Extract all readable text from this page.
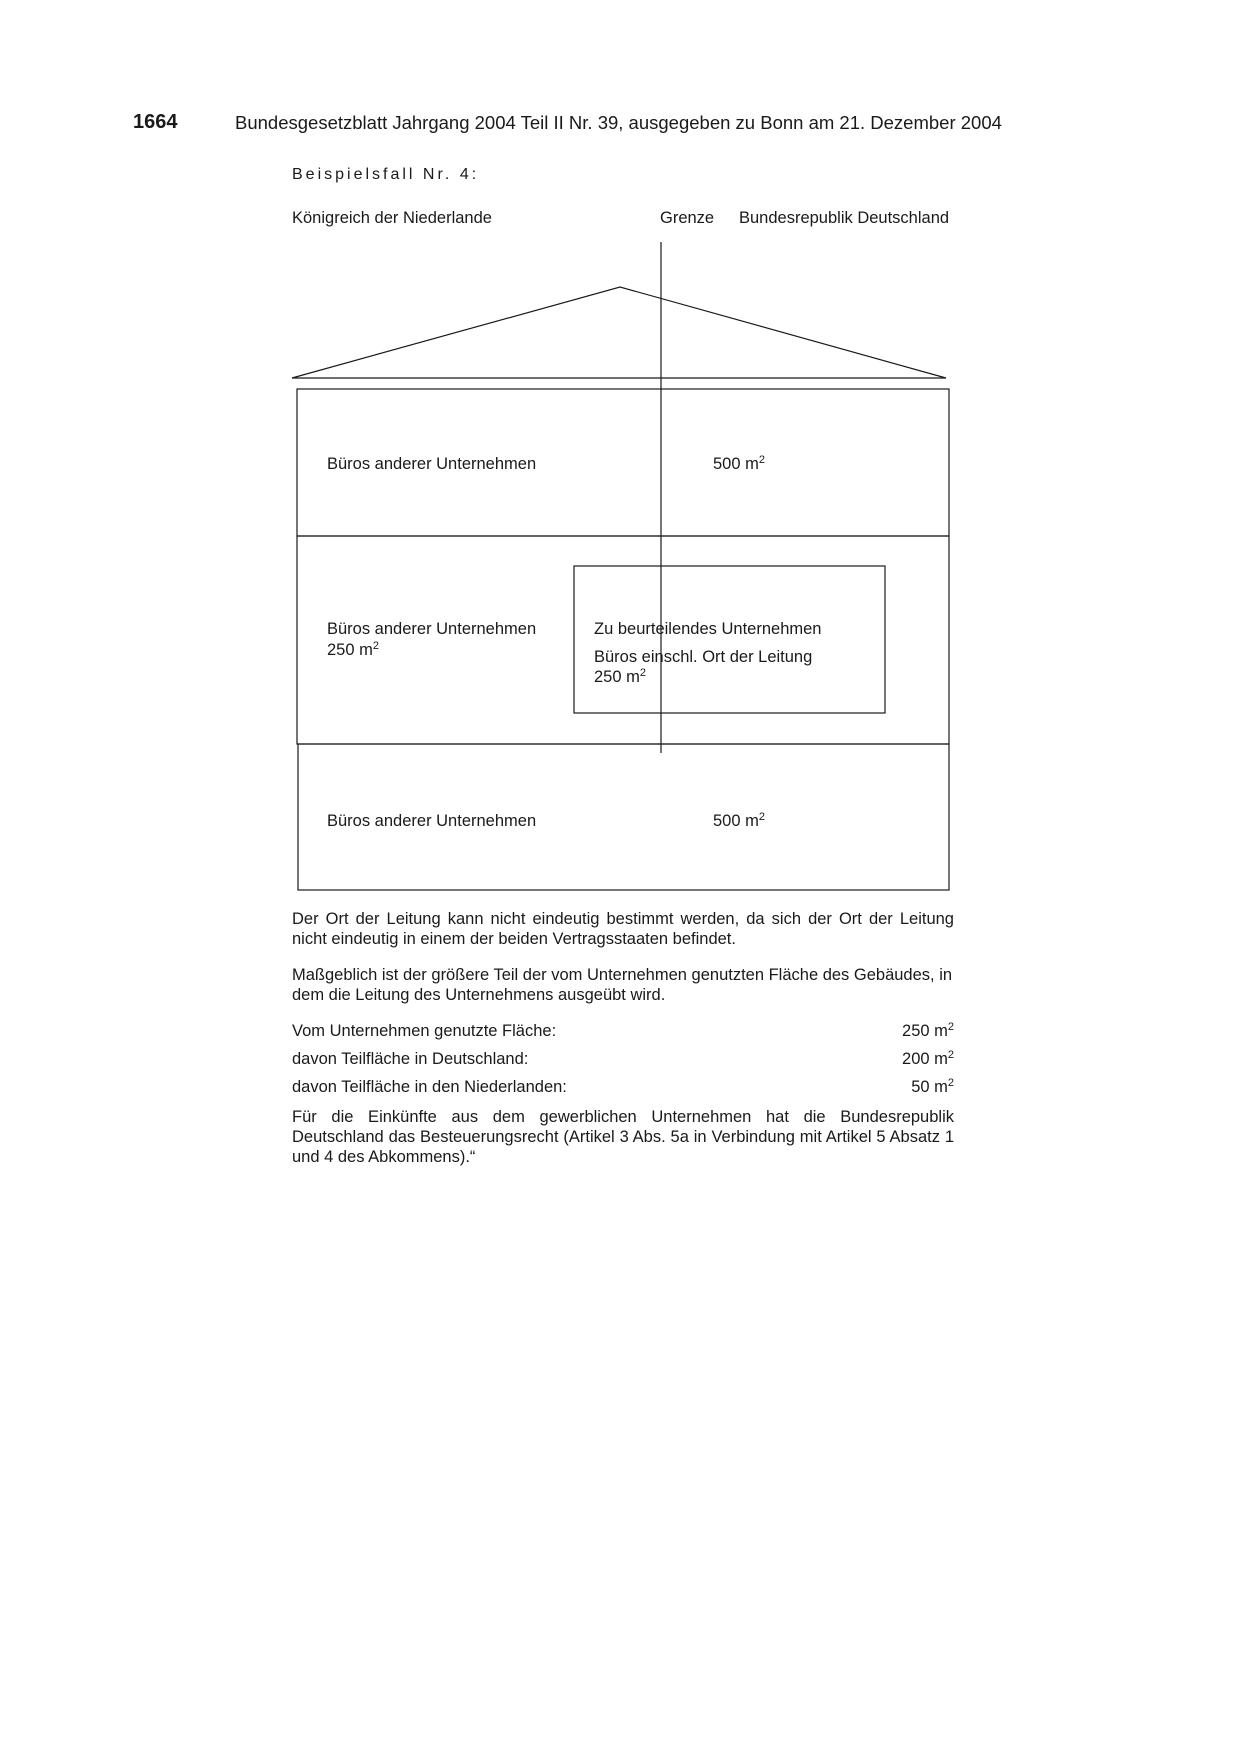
1664	Bundesgesetzblatt Jahrgang 2004 Teil II Nr. 39, ausgegeben zu Bonn am 21. Dezember 2004
Beispielsfall Nr. 4:
Königreich der Niederlande	Grenze Bundesrepublik Deutschland
Büros anderer Unternehmen	500 $m^2$
Büros anderer Unternehmen
250 $m^2$
Zu beurteilendes Unternehmen
Büros einschl. Ort der Leitung
250 $m^2$
Büros anderer Unternehmen	500 $m^2$
Der Ort der Leitung kann nicht eindeutig bestimmt werden, da sich der Ort der Leitung nicht eindeutig in einem der beiden Vertragsstaaten befindet.
Maßgeblich ist der größere Teil der vom Unternehmen genutzten Fläche des Gebäudes, in dem die Leitung des Unternehmens ausgeübt wird.
Vom Unternehmen genutzte Fläche:	250 $m^2$
davon Teilfläche in Deutschland:	200 $m^2$
davon Teilfläche in den Niederlanden:	50 $m^2$
Für die Einkünfte aus dem gewerblichen Unternehmen hat die Bundesrepublik Deutschland das Besteuerungsrecht (Artikel 3 Abs. 5a in Verbindung mit Artikel 5 Absatz 1 und 4 des Abkommens).“
